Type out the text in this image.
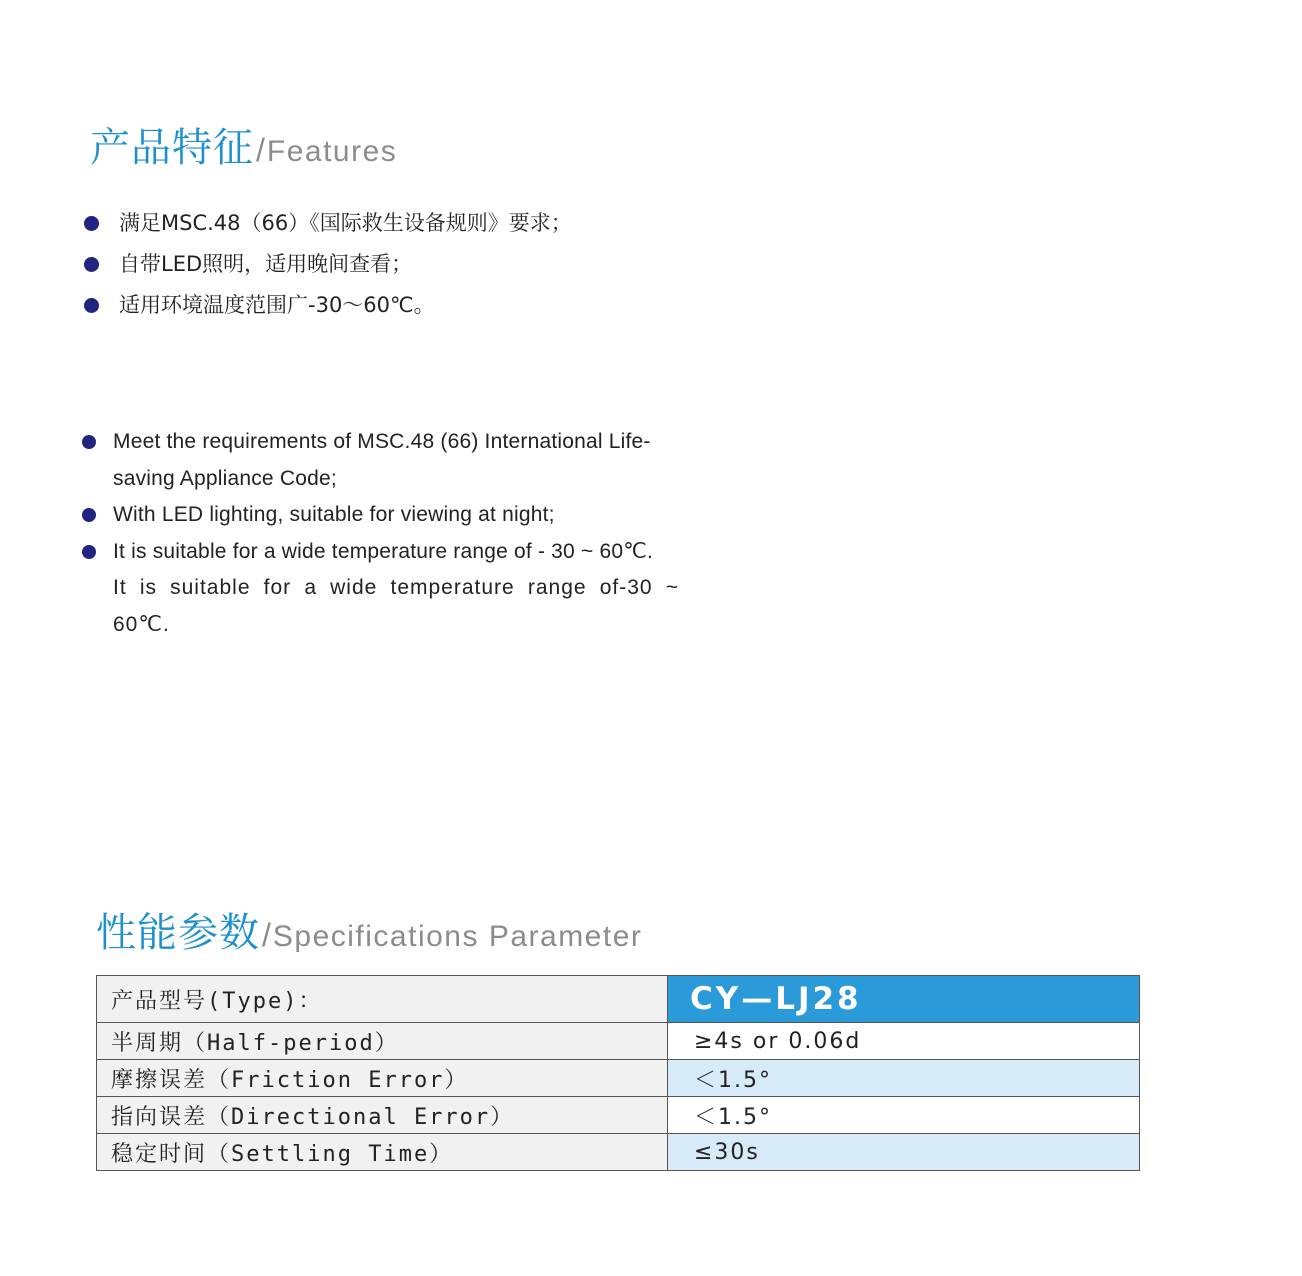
产品特征/Features
满足MSC.48（66）《国际救生设备规则》要求；
自带LED照明，适用晚间查看；
适用环境温度范围广-30～60℃。
Meet the requirements of MSC.48 (66) International Life-saving Appliance Code;
With LED lighting, suitable for viewing at night;
It is suitable for a wide temperature range of - 30 ~ 60℃.
It is suitable for a wide temperature range of-30 ~ 60℃.
性能参数/Specifications Parameter
产品型号(Type)：	CY—LJ28
半周期（Half-period）	≥4s or 0.06d
摩擦误差（Friction Error）	＜1.5°
指向误差（Directional Error）	＜1.5°
稳定时间（Settling Time）	≤30s
